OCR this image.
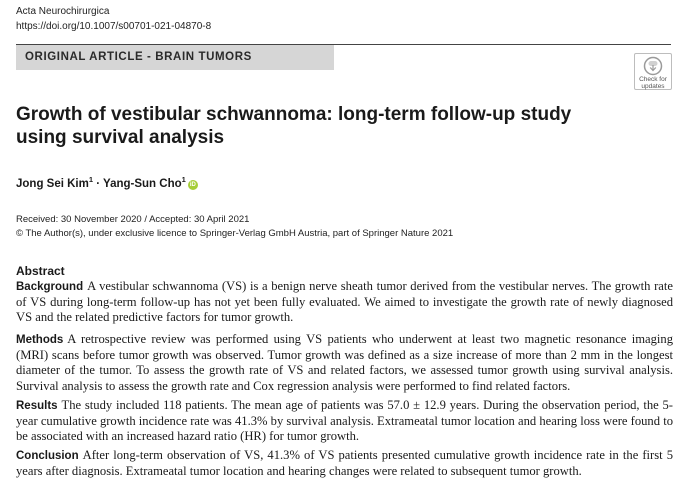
Acta Neurochirurgica
https://doi.org/10.1007/s00701-021-04870-8
ORIGINAL ARTICLE - BRAIN TUMORS
Check for
updates
Growth of vestibular schwannoma: long-term follow-up study using survival analysis
Jong Sei Kim$^1$ · Yang-Sun Cho$^1$iD
Received: 30 November 2020 / Accepted: 30 April 2021
© The Author(s), under exclusive licence to Springer-Verlag GmbH Austria, part of Springer Nature 2021
Abstract
Background A vestibular schwannoma (VS) is a benign nerve sheath tumor derived from the vestibular nerves. The growth rate of VS during long-term follow-up has not yet been fully evaluated. We aimed to investigate the growth rate of newly diagnosed VS and the related predictive factors for tumor growth.
Methods A retrospective review was performed using VS patients who underwent at least two magnetic resonance imaging (MRI) scans before tumor growth was observed. Tumor growth was defined as a size increase of more than 2 mm in the longest diameter of the tumor. To assess the growth rate of VS and related factors, we assessed tumor growth using survival analysis. Survival analysis to assess the growth rate and Cox regression analysis were performed to find related factors.
Results The study included 118 patients. The mean age of patients was 57.0 ± 12.9 years. During the observation period, the 5-year cumulative growth incidence rate was 41.3% by survival analysis. Extrameatal tumor location and hearing loss were found to be associated with an increased hazard ratio (HR) for tumor growth.
Conclusion After long-term observation of VS, 41.3% of VS patients presented cumulative growth incidence rate in the first 5 years after diagnosis. Extrameatal tumor location and hearing changes were related to subsequent tumor growth.
